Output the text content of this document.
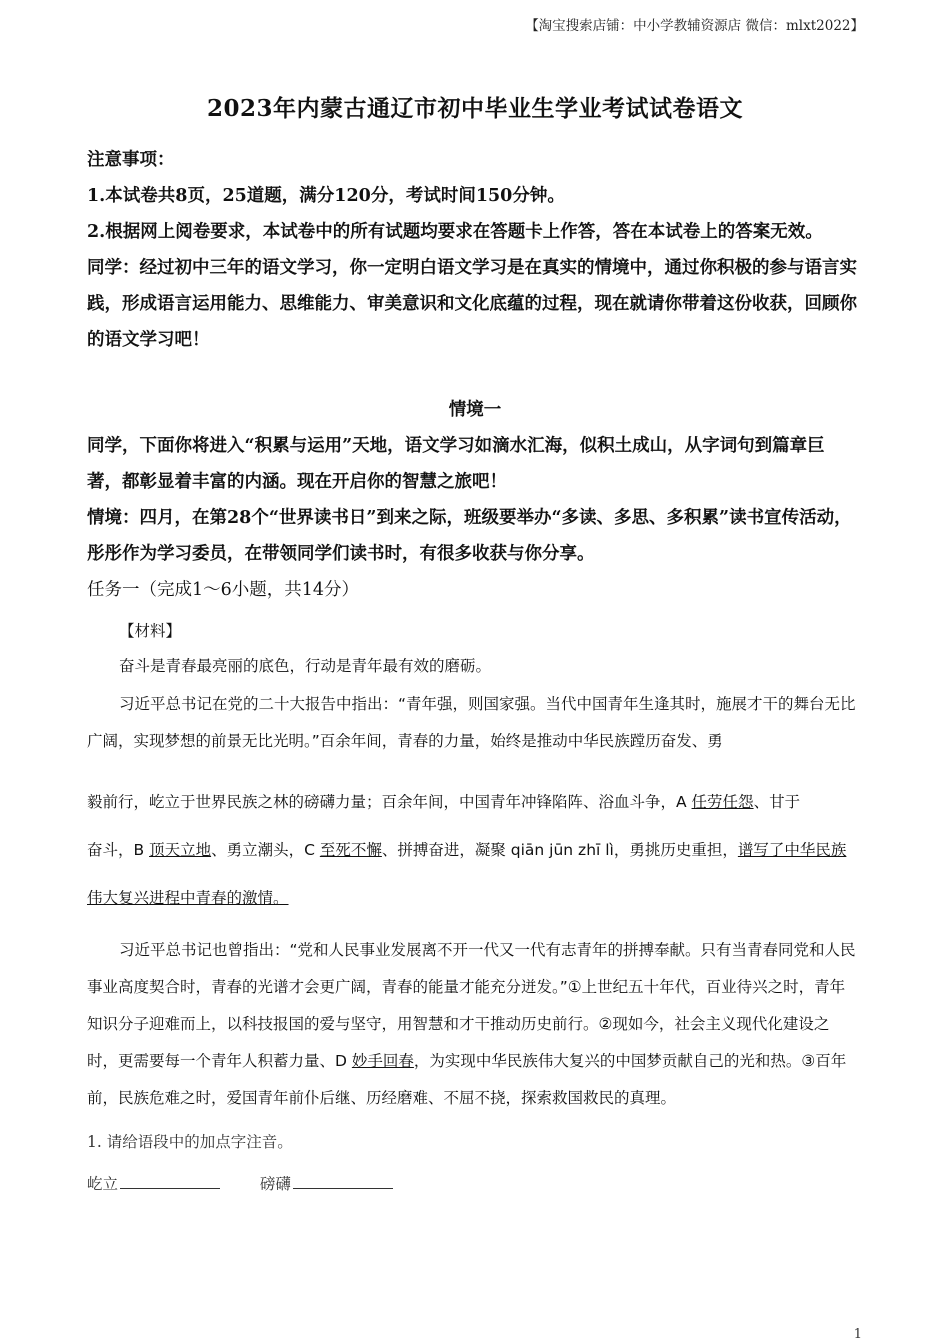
【淘宝搜索店铺：中小学教辅资源店 微信：mlxt2022】
2023年内蒙古通辽市初中毕业生学业考试试卷语文

注意事项：

1.本试卷共8页，25道题，满分120分，考试时间150分钟。

2.根据网上阅卷要求，本试卷中的所有试题均要求在答题卡上作答，答在本试卷上的答案无效。

同学：经过初中三年的语文学习，你一定明白语文学习是在真实的情境中，通过你积极的参与语言实践，形成语言运用能力、思维能力、审美意识和文化底蕴的过程，现在就请你带着这份收获，回顾你的语文学习吧！

情境一

同学，下面你将进入“积累与运用”天地，语文学习如滴水汇海，似积土成山，从字词句到篇章巨著，都彰显着丰富的内涵。现在开启你的智慧之旅吧！

情境：四月，在第28个“世界读书日”到来之际，班级要举办“多读、多思、多积累”读书宣传活动，彤彤作为学习委员，在带领同学们读书时，有很多收获与你分享。

任务一（完成1～6小题，共14分）

【材料】

奋斗是青春最亮丽的底色，行动是青年最有效的磨砺。

习近平总书记在党的二十大报告中指出：“青年强，则国家强。当代中国青年生逢其时，施展才干的舞台无比广阔，实现梦想的前景无比光明。”百余年间，青春的力量，始终是推动中华民族蹚历奋发、勇

毅前行，屹立于世界民族之林的磅礴力量；百余年间，中国青年冲锋陷阵、浴血斗争，A 任劳任怨、甘于

奋斗，B 顶天立地、勇立潮头，C 至死不懈、拼搏奋进，凝聚 qiān jūn zhī lì，勇挑历史重担，谱写了中华民族伟大复兴进程中青春的激情。

习近平总书记也曾指出：“党和人民事业发展离不开一代又一代有志青年的拼搏奉献。只有当青春同党和人民事业高度契合时，青春的光谱才会更广阔，青春的能量才能充分迸发。”①上世纪五十年代，百业待兴之时，青年知识分子迎难而上，以科技报国的爱与坚守，用智慧和才干推动历史前行。②现如今，社会主义现代化建设之时，更需要每一个青年人积蓄力量、D 妙手回春，为实现中华民族伟大复兴的中国梦贡献自己的光和热。③百年前，民族危难之时，爱国青年前仆后继、历经磨难、不屈不挠，探索救国救民的真理。

1. 请给语段中的加点字注音。

屹立	磅礴

1
